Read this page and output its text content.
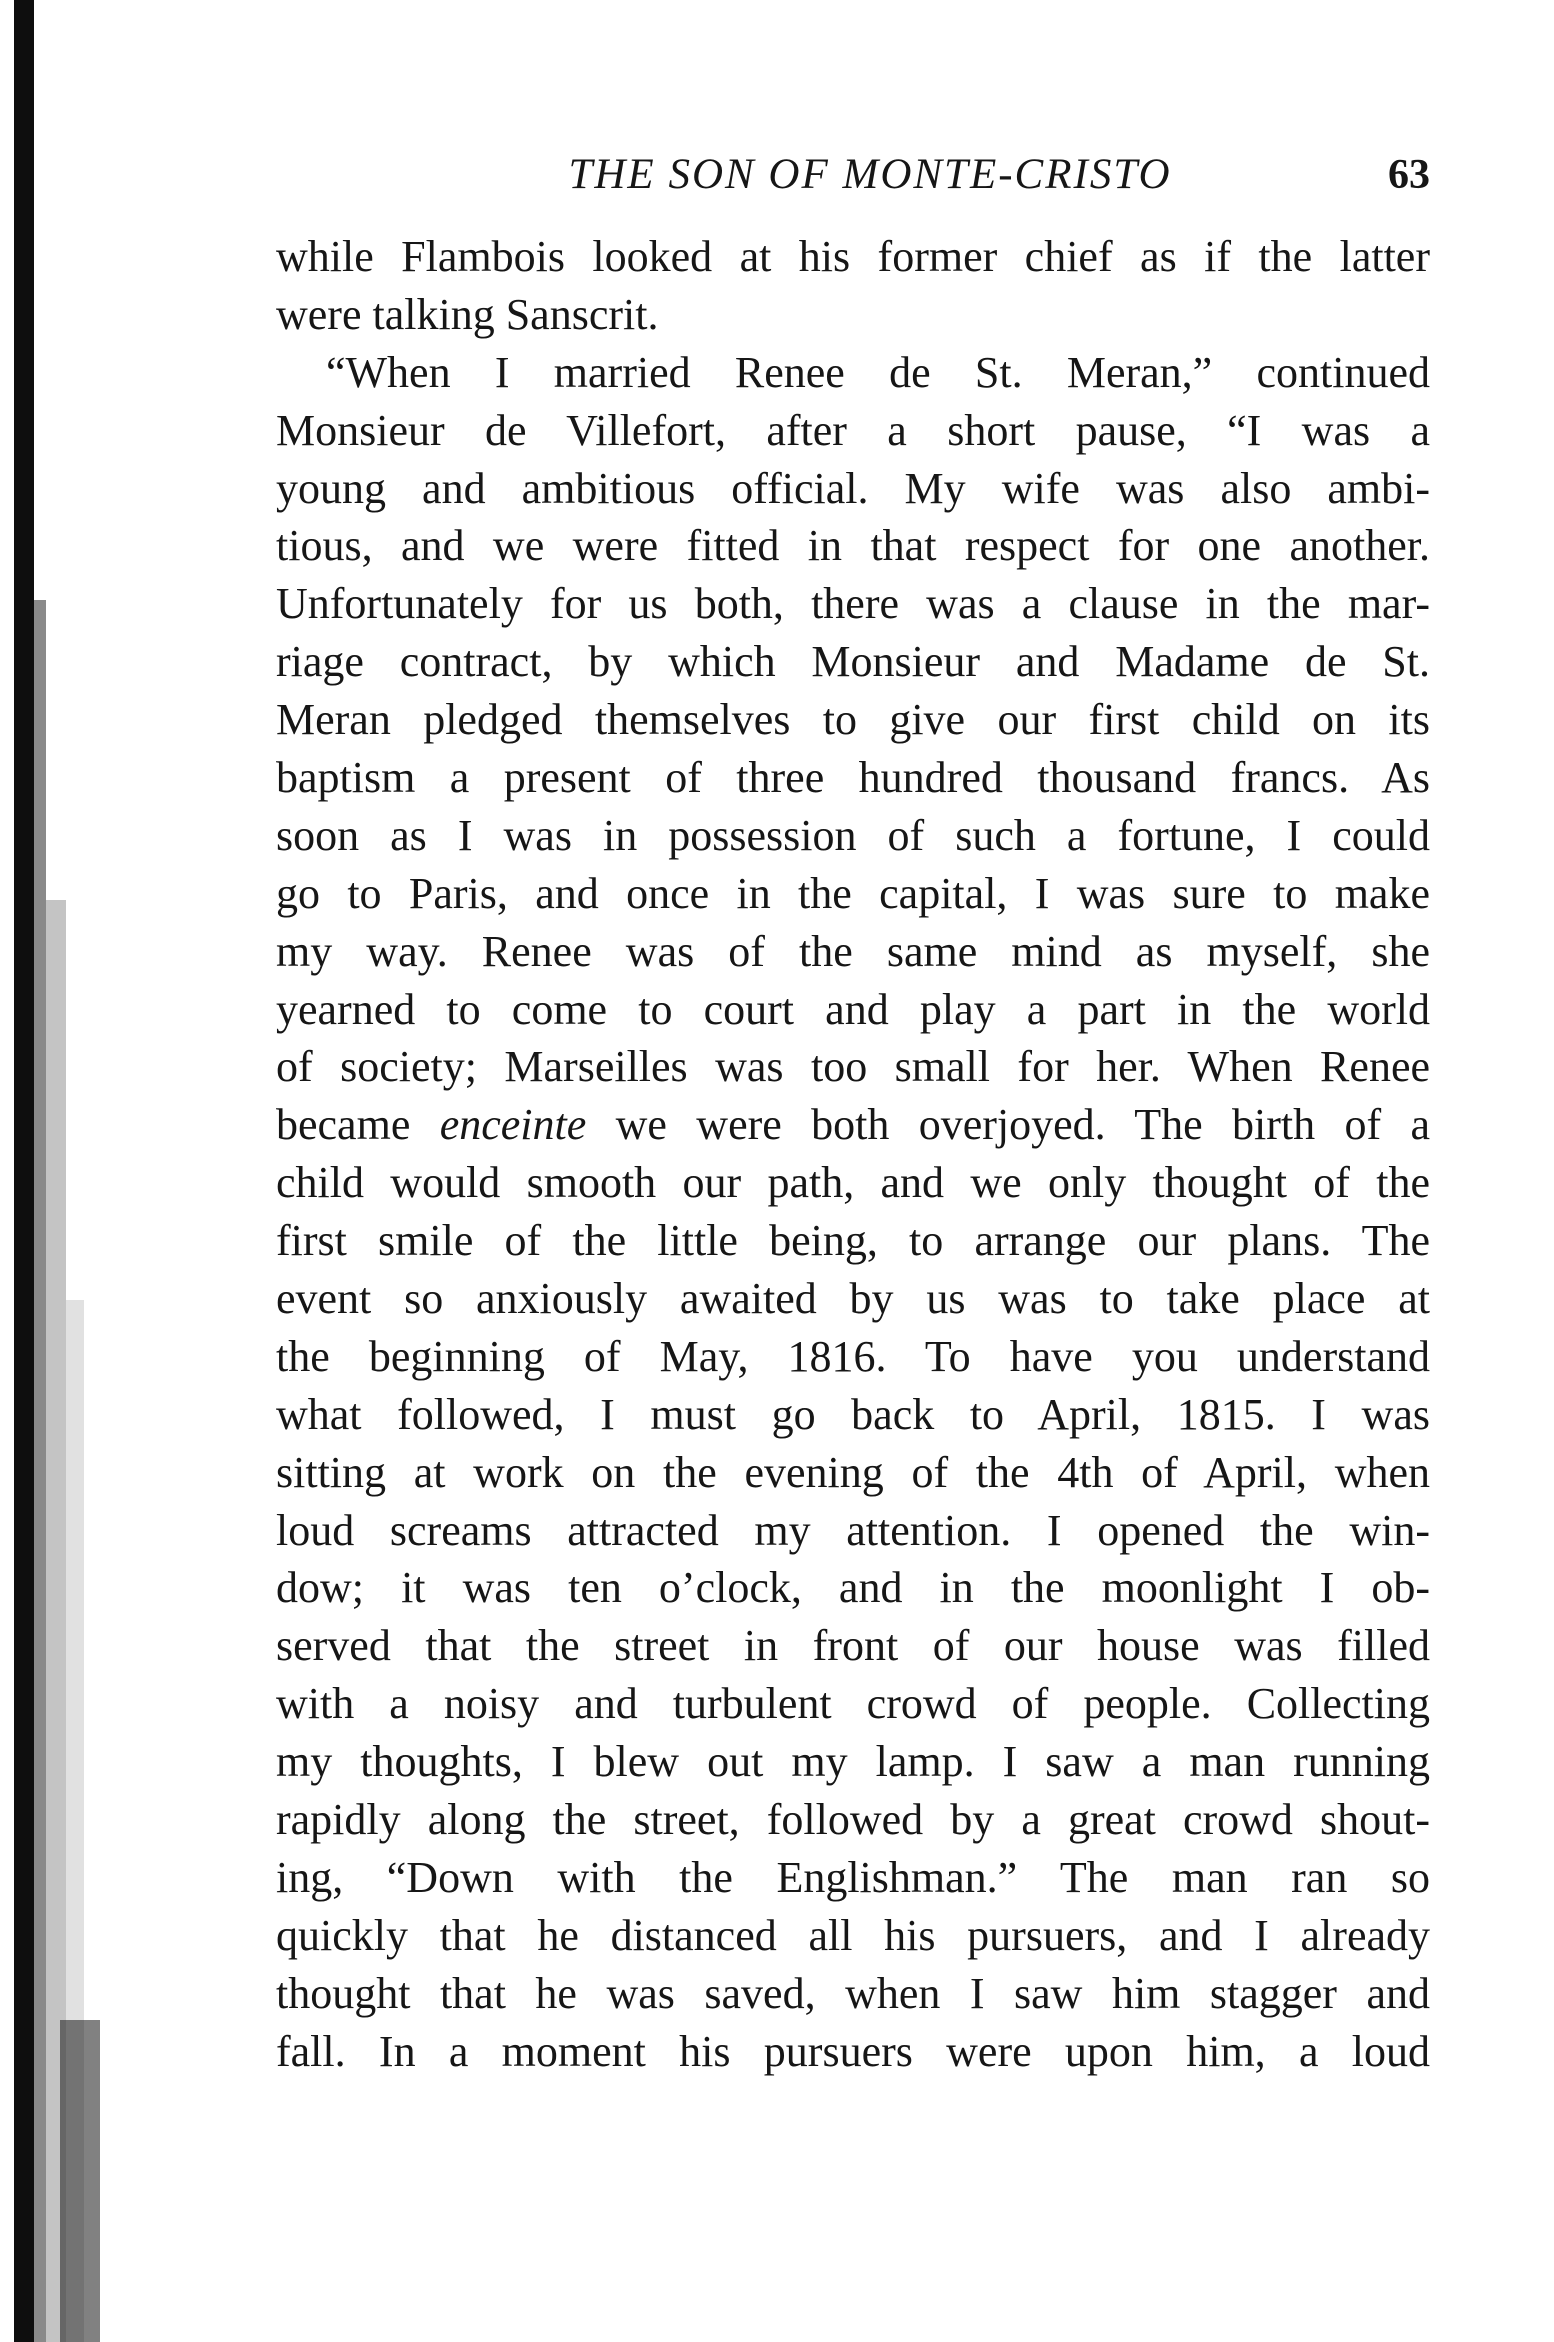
THE SON OF MONTE-CRISTO	63
while Flambois looked at his former chief as if the latter
were talking Sanscrit.
“When I married Renee de St. Meran,” continued
Monsieur de Villefort, after a short pause, “I was a
young and ambitious official. My wife was also ambi-
tious, and we were fitted in that respect for one another.
Unfortunately for us both, there was a clause in the mar-
riage contract, by which Monsieur and Madame de St.
Meran pledged themselves to give our first child on its
baptism a present of three hundred thousand francs. As
soon as I was in possession of such a fortune, I could
go to Paris, and once in the capital, I was sure to make
my way. Renee was of the same mind as myself, she
yearned to come to court and play a part in the world
of society; Marseilles was too small for her. When Renee
became enceinte we were both overjoyed. The birth of a
child would smooth our path, and we only thought of the
first smile of the little being, to arrange our plans. The
event so anxiously awaited by us was to take place at
the beginning of May, 1816. To have you understand
what followed, I must go back to April, 1815. I was
sitting at work on the evening of the 4th of April, when
loud screams attracted my attention. I opened the win-
dow; it was ten o’clock, and in the moonlight I ob-
served that the street in front of our house was filled
with a noisy and turbulent crowd of people. Collecting
my thoughts, I blew out my lamp. I saw a man running
rapidly along the street, followed by a great crowd shout-
ing, “Down with the Englishman.” The man ran so
quickly that he distanced all his pursuers, and I already
thought that he was saved, when I saw him stagger and
fall. In a moment his pursuers were upon him, a loud
